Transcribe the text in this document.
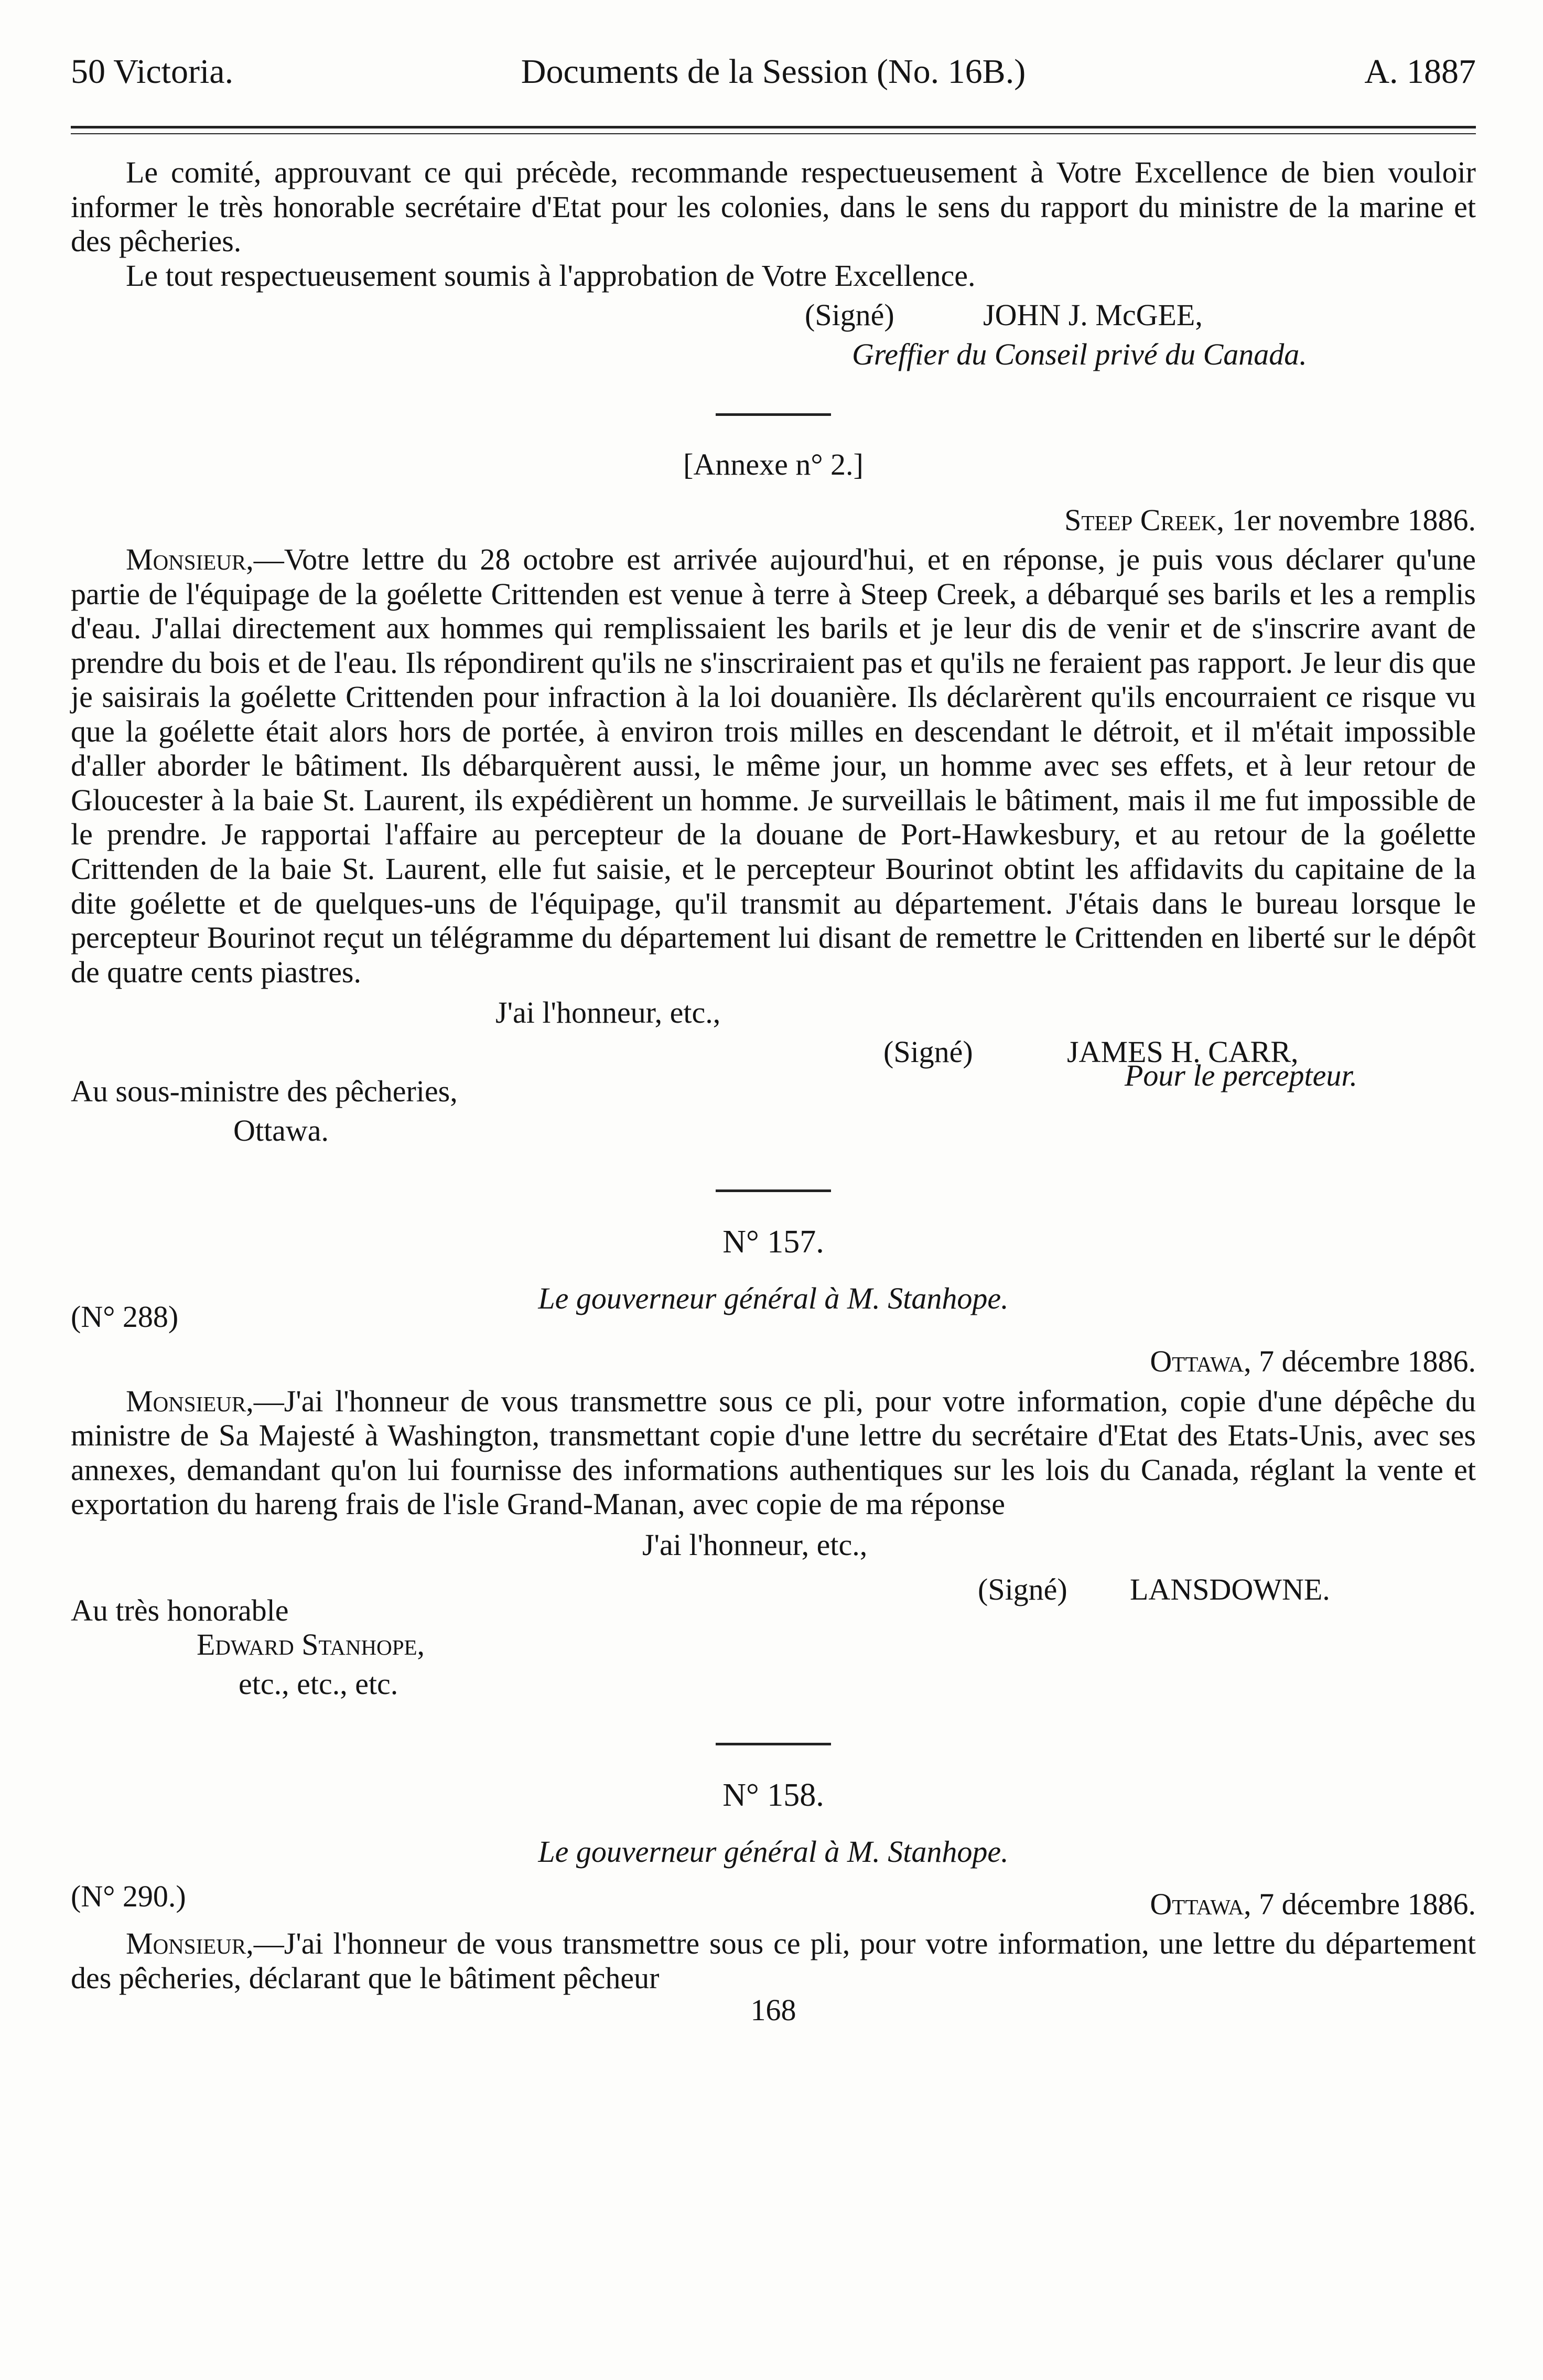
50 Victoria.	Documents de la Session (No. 16B.)	A. 1887

Le comité, approuvant ce qui précède, recommande respectueusement à Votre Excellence de bien vouloir informer le très honorable secrétaire d'Etat pour les colonies, dans le sens du rapport du ministre de la marine et des pêcheries.

Le tout respectueusement soumis à l'approbation de Votre Excellence.

(Signé)	JOHN J. McGEE,
Greffier du Conseil privé du Canada.
[Annexe n° 2.]
Steep Creek, 1er novembre 1886.

Monsieur,—Votre lettre du 28 octobre est arrivée aujourd'hui, et en réponse, je puis vous déclarer qu'une partie de l'équipage de la goélette Crittenden est venue à terre à Steep Creek, a débarqué ses barils et les a remplis d'eau. J'allai directement aux hommes qui remplissaient les barils et je leur dis de venir et de s'inscrire avant de prendre du bois et de l'eau. Ils répondirent qu'ils ne s'inscriraient pas et qu'ils ne feraient pas rapport. Je leur dis que je saisirais la goélette Crittenden pour infraction à la loi douanière. Ils déclarèrent qu'ils encourraient ce risque vu que la goélette était alors hors de portée, à environ trois milles en descendant le détroit, et il m'était impossible d'aller aborder le bâtiment. Ils débarquèrent aussi, le même jour, un homme avec ses effets, et à leur retour de Gloucester à la baie St. Laurent, ils expédièrent un homme. Je surveillais le bâtiment, mais il me fut impossible de le prendre. Je rapportai l'affaire au percepteur de la douane de Port-Hawkesbury, et au retour de la goélette Crittenden de la baie St. Laurent, elle fut saisie, et le percepteur Bourinot obtint les affidavits du capitaine de la dite goélette et de quelques-uns de l'équipage, qu'il transmit au département. J'étais dans le bureau lorsque le percepteur Bourinot reçut un télégramme du département lui disant de remettre le Crittenden en liberté sur le dépôt de quatre cents piastres.

J'ai l'honneur, etc.,
(Signé)	JAMES H. CARR,
Au sous-ministre des pêcheries,	Pour le percepteur.
Ottawa.
N° 157.
(N° 288)
Le gouverneur général à M. Stanhope.
Ottawa, 7 décembre 1886.

Monsieur,—J'ai l'honneur de vous transmettre sous ce pli, pour votre information, copie d'une dépêche du ministre de Sa Majesté à Washington, transmettant copie d'une lettre du secrétaire d'Etat des Etats-Unis, avec ses annexes, demandant qu'on lui fournisse des informations authentiques sur les lois du Canada, réglant la vente et exportation du hareng frais de l'isle Grand-Manan, avec copie de ma réponse

J'ai l'honneur, etc.,
Au très honorable
(Signé) LANSDOWNE.
Edward Stanhope,
etc., etc., etc.
N° 158.
Le gouverneur général à M. Stanhope.
(N° 290.)	Ottawa, 7 décembre 1886.

Monsieur,—J'ai l'honneur de vous transmettre sous ce pli, pour votre information, une lettre du département des pêcheries, déclarant que le bâtiment pêcheur

168
